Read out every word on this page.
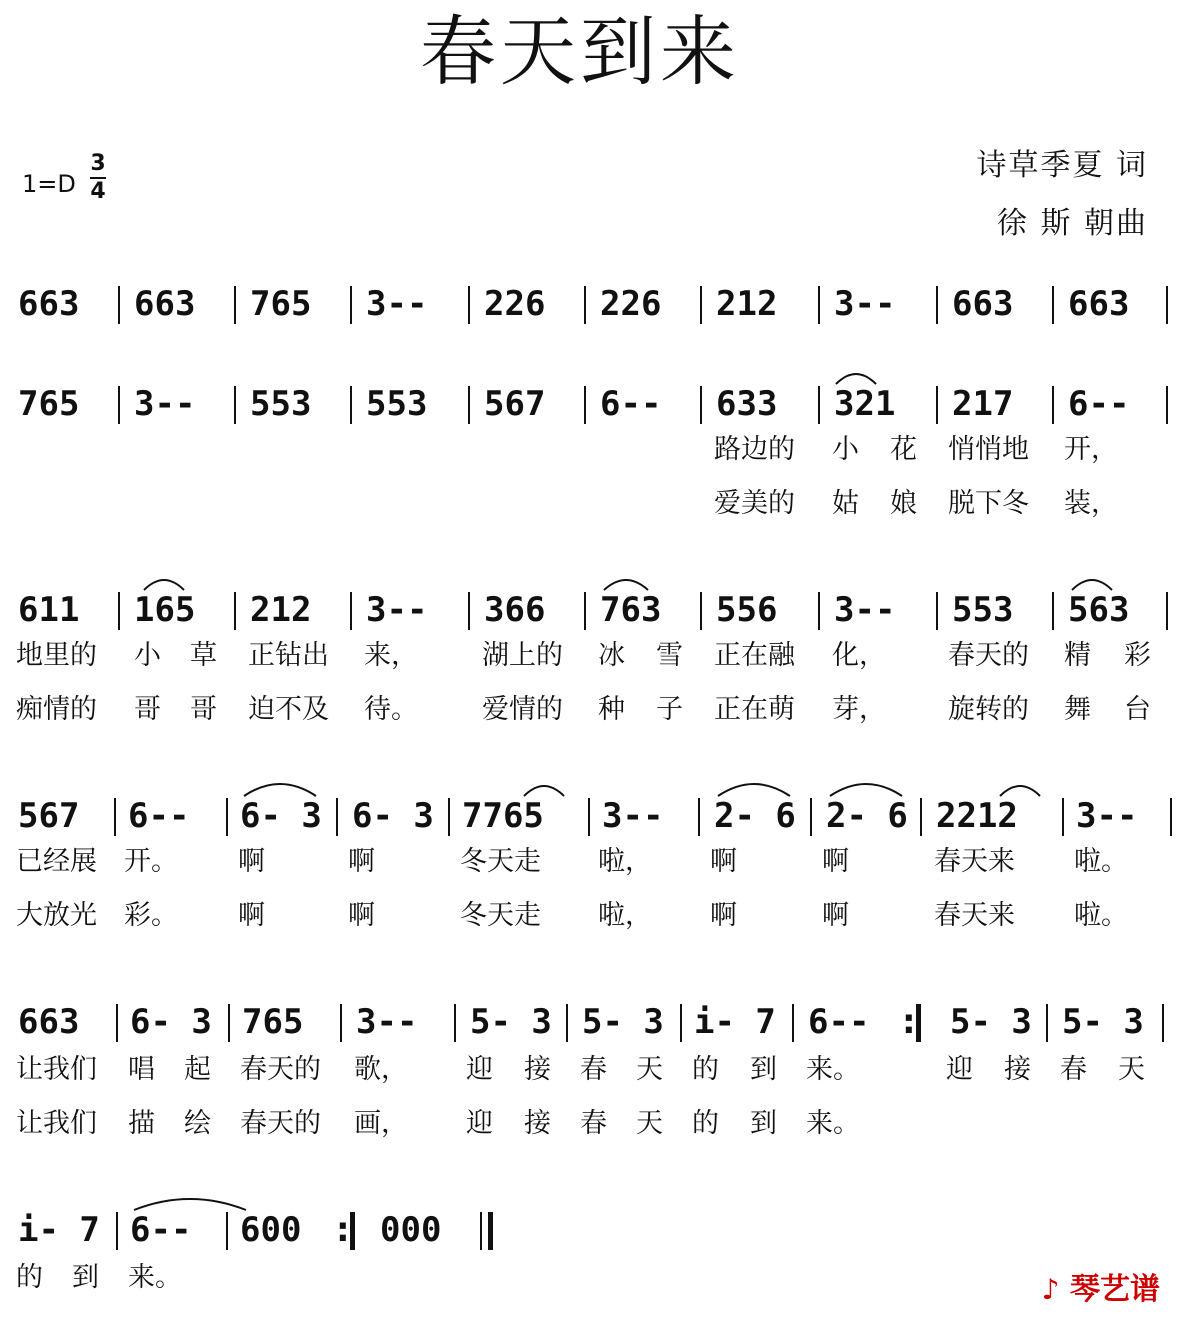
春天到来
1=D
3
4
诗草季夏 词
徐 斯 朝曲
663 663 765 3-- 226 226 212 3-- 663 663
765 3-- 553 553 567 6-- 633 321 217 6--
路边的 小 花 悄悄地 开，
爱美的 姑 娘 脱下冬 装，
611 165 212 3-- 366 763 556 3-- 553 563
地里的 小 草 正钻出 来， 湖上的 冰 雪 正在融 化， 春天的 精 彩
痴情的 哥 哥 迫不及 待。 爱情的 种 子 正在萌 芽， 旋转的 舞 台
567 6-- 6- 3 6- 3 7765 3-- 2- 6 2- 6 2212 3--
已经展 开。 啊	啊	冬天走 啦， 啊	啊	春天来 啦。
大放光 彩。 啊	啊	冬天走 啦， 啊	啊	春天来 啦。
663 6- 3 765 3-- 5- 3 5- 3 i- 7 6-- : 5- 3 5- 3
让我们 唱 起 春天的 歌， 迎 接 春 天 的 到 来。	迎 接 春 天
让我们 描 绘 春天的 画， 迎 接 春 天 的 到 来。
i- 7 6-- 600 : 000
的 到 来。	♪ 琴艺谱
